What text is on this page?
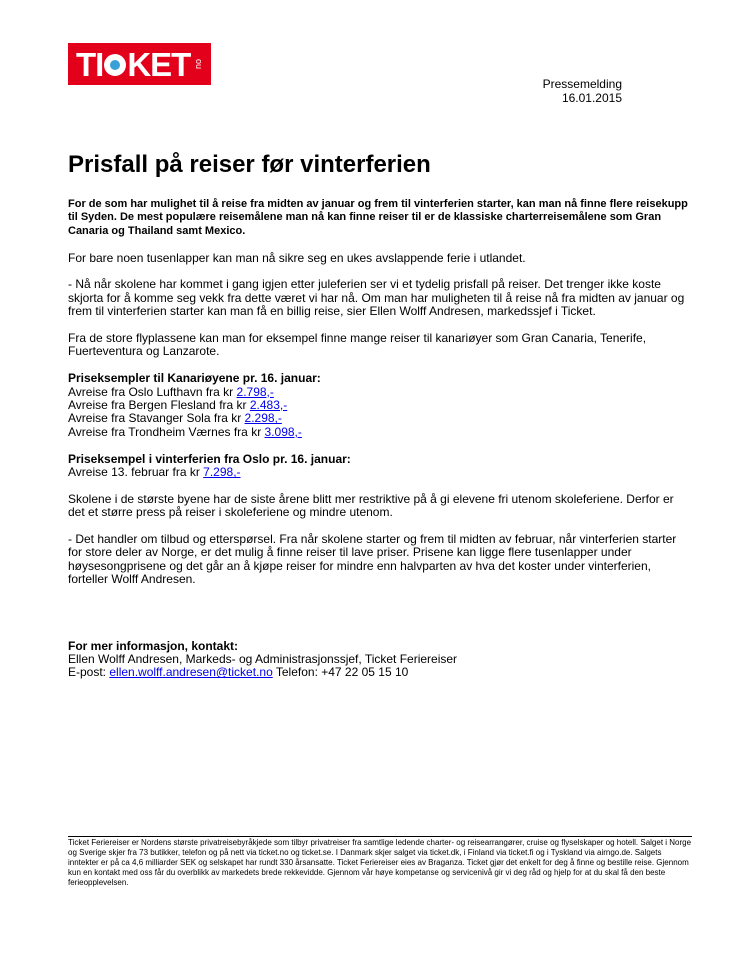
TI KET no
Pressemelding
16.01.2015
Prisfall på reiser før vinterferien

For de som har mulighet til å reise fra midten av januar og frem til vinterferien starter, kan man nå finne flere reisekupp til Syden. De mest populære reisemålene man nå kan finne reiser til er de klassiske charterreisemålene som Gran Canaria og Thailand samt Mexico.

For bare noen tusenlapper kan man nå sikre seg en ukes avslappende ferie i utlandet.

- Nå når skolene har kommet i gang igjen etter juleferien ser vi et tydelig prisfall på reiser. Det trenger ikke koste skjorta for å komme seg vekk fra dette været vi har nå. Om man har muligheten til å reise nå fra midten av januar og frem til vinterferien starter kan man få en billig reise, sier Ellen Wolff Andresen, markedssjef i Ticket.

Fra de store flyplassene kan man for eksempel finne mange reiser til kanariøyer som Gran Canaria, Tenerife, Fuerteventura og Lanzarote.

Priseksempler til Kanariøyene pr. 16. januar:
Avreise fra Oslo Lufthavn fra kr 2.798,-
Avreise fra Bergen Flesland fra kr 2.483,-
Avreise fra Stavanger Sola fra kr 2.298,-
Avreise fra Trondheim Værnes fra kr 3.098,-

Priseksempel i vinterferien fra Oslo pr. 16. januar:
Avreise 13. februar fra kr 7.298,-

Skolene i de største byene har de siste årene blitt mer restriktive på å gi elevene fri utenom skoleferiene. Derfor er det et større press på reiser i skoleferiene og mindre utenom.

- Det handler om tilbud og etterspørsel. Fra når skolene starter og frem til midten av februar, når vinterferien starter for store deler av Norge, er det mulig å finne reiser til lave priser. Prisene kan ligge flere tusenlapper under høysesongprisene og det går an å kjøpe reiser for mindre enn halvparten av hva det koster under vinterferien, forteller Wolff Andresen.

For mer informasjon, kontakt:
Ellen Wolff Andresen, Markeds- og Administrasjonssjef, Ticket Feriereiser
E-post: ellen.wolff.andresen@ticket.no Telefon: +47 22 05 15 10

Ticket Feriereiser er Nordens største privatreisebyråkjede som tilbyr privatreiser fra samtlige ledende charter- og reisearrangører, cruise og flyselskaper og hotell. Salget i Norge og Sverige skjer fra 73 butikker, telefon og på nett via ticket.no og ticket.se. I Danmark skjer salget via ticket.dk, i Finland via ticket.fi og i Tyskland via airngo.de. Salgets inntekter er på ca 4,6 milliarder SEK og selskapet har rundt 330 årsansatte. Ticket Feriereiser eies av Braganza. Ticket gjør det enkelt for deg å finne og bestille reise. Gjennom kun en kontakt med oss får du overblikk av markedets brede rekkevidde. Gjennom vår høye kompetanse og servicenivå gir vi deg råd og hjelp for at du skal få den beste ferieopplevelsen.
